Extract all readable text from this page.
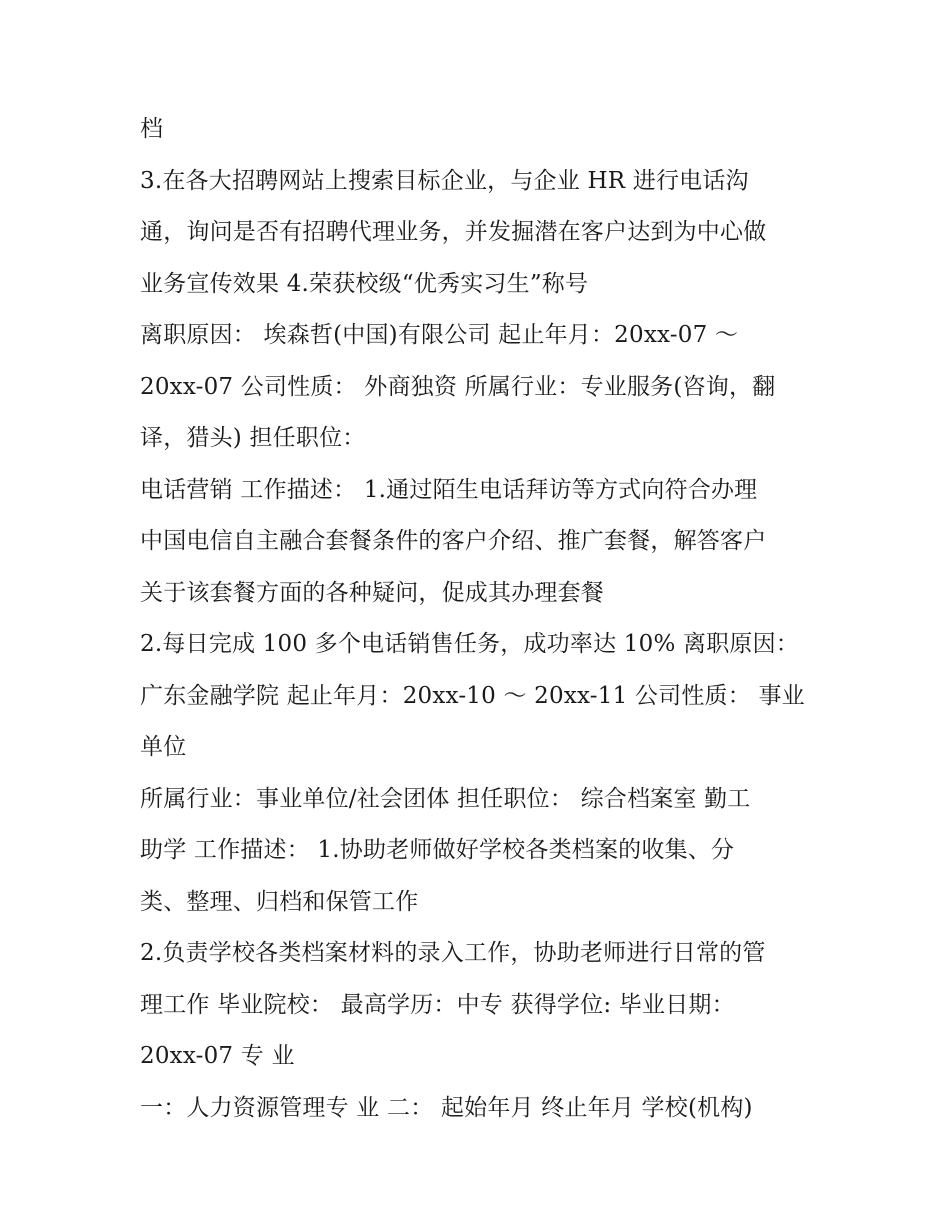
档
3.在各大招聘网站上搜索目标企业，与企业 HR 进行电话沟
通，询问是否有招聘代理业务，并发掘潜在客户达到为中心做
业务宣传效果 4.荣获校级“优秀实习生”称号
离职原因： 埃森哲(中国)有限公司 起止年月：20xx-07 ～
20xx-07 公司性质： 外商独资 所属行业：专业服务(咨询，翻
译，猎头) 担任职位：
电话营销 工作描述： 1.通过陌生电话拜访等方式向符合办理
中国电信自主融合套餐条件的客户介绍、推广套餐，解答客户
关于该套餐方面的各种疑问，促成其办理套餐
2.每日完成 100 多个电话销售任务，成功率达 10% 离职原因：
广东金融学院 起止年月：20xx-10 ～ 20xx-11 公司性质： 事业
单位
所属行业：事业单位/社会团体 担任职位： 综合档案室 勤工
助学 工作描述： 1.协助老师做好学校各类档案的收集、分
类、整理、归档和保管工作
2.负责学校各类档案材料的录入工作，协助老师进行日常的管
理工作 毕业院校： 最高学历：中专 获得学位: 毕业日期：
20xx-07 专 业
一：人力资源管理专 业 二： 起始年月 终止年月 学校(机构)
